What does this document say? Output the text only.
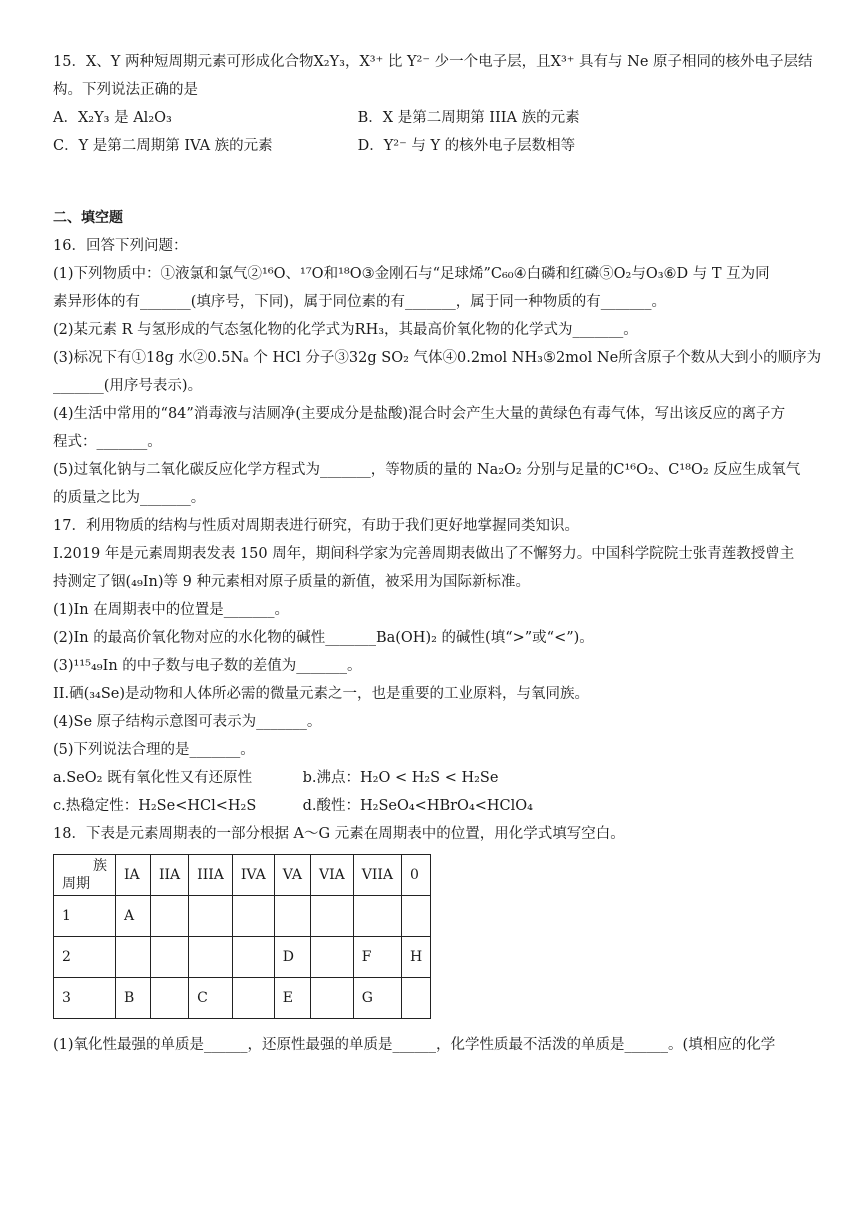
15．X、Y 两种短周期元素可形成化合物X₂Y₃，X³⁺ 比 Y²⁻ 少一个电子层，且X³⁺ 具有与 Ne 原子相同的核外电子层结
构。下列说法正确的是
A．X₂Y₃ 是 Al₂O₃	B．X 是第二周期第 IIIA 族的元素
C．Y 是第二周期第 IVA 族的元素	D．Y²⁻ 与 Y 的核外电子层数相等
二、填空题
16．回答下列问题：
(1)下列物质中：①液氯和氯气②¹⁶O、¹⁷O和¹⁸O③金刚石与“足球烯”C₆₀④白磷和红磷⑤O₂与O₃⑥D 与 T 互为同
素异形体的有_______(填序号，下同)，属于同位素的有_______，属于同一种物质的有_______。
(2)某元素 R 与氢形成的气态氢化物的化学式为RH₃，其最高价氧化物的化学式为_______。
(3)标况下有①18g 水②0.5Nₐ 个 HCl 分子③32g SO₂ 气体④0.2mol NH₃⑤2mol Ne所含原子个数从大到小的顺序为
_______(用序号表示)。
(4)生活中常用的“84”消毒液与洁厕净(主要成分是盐酸)混合时会产生大量的黄绿色有毒气体，写出该反应的离子方
程式：_______。
(5)过氧化钠与二氧化碳反应化学方程式为_______，等物质的量的 Na₂O₂ 分别与足量的C¹⁶O₂、C¹⁸O₂ 反应生成氧气
的质量之比为_______。
17．利用物质的结构与性质对周期表进行研究，有助于我们更好地掌握同类知识。
I.2019 年是元素周期表发表 150 周年，期间科学家为完善周期表做出了不懈努力。中国科学院院士张青莲教授曾主
持测定了铟(₄₉In)等 9 种元素相对原子质量的新值，被采用为国际新标准。
(1)In 在周期表中的位置是_______。
(2)In 的最高价氧化物对应的水化物的碱性_______Ba(OH)₂ 的碱性(填“>”或“<”)。
(3)¹¹⁵₄₉In 的中子数与电子数的差值为_______。
II.硒(₃₄Se)是动物和人体所必需的微量元素之一，也是重要的工业原料，与氧同族。
(4)Se 原子结构示意图可表示为_______。
(5)下列说法合理的是_______。
a.SeO₂ 既有氧化性又有还原性	b.沸点：H₂O < H₂S < H₂Se
c.热稳定性：H₂Se<HCl<H₂S	d.酸性：H₂SeO₄<HBrO₄<HClO₄
18．下表是元素周期表的一部分根据 A～G 元素在周期表中的位置，用化学式填写空白。
族
周期	IA	IIA	IIIA	IVA	VA	VIA	VIIA	0
1	A							
2					D		F	H
3	B		C		E		G	
(1)氧化性最强的单质是______，还原性最强的单质是______，化学性质最不活泼的单质是______。(填相应的化学
